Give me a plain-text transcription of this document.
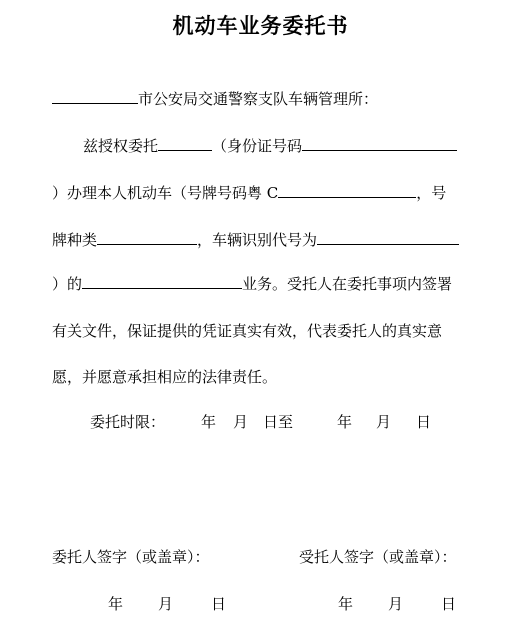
机动车业务委托书
市公安局交通警察支队车辆管理所：
兹授权委托	（身份证号码
）办理本人机动车（号牌号码粤 C	，号
牌种类	，车辆识别代号为
）的	业务。受托人在委托事项内签署
有关文件，保证提供的凭证真实有效，代表委托人的真实意
愿，并愿意承担相应的法律责任。
委托时限： 年 月 日至	年 月 日
委托人签字（或盖章）：	受托人签字（或盖章）：
年 月	日	年 月	日
